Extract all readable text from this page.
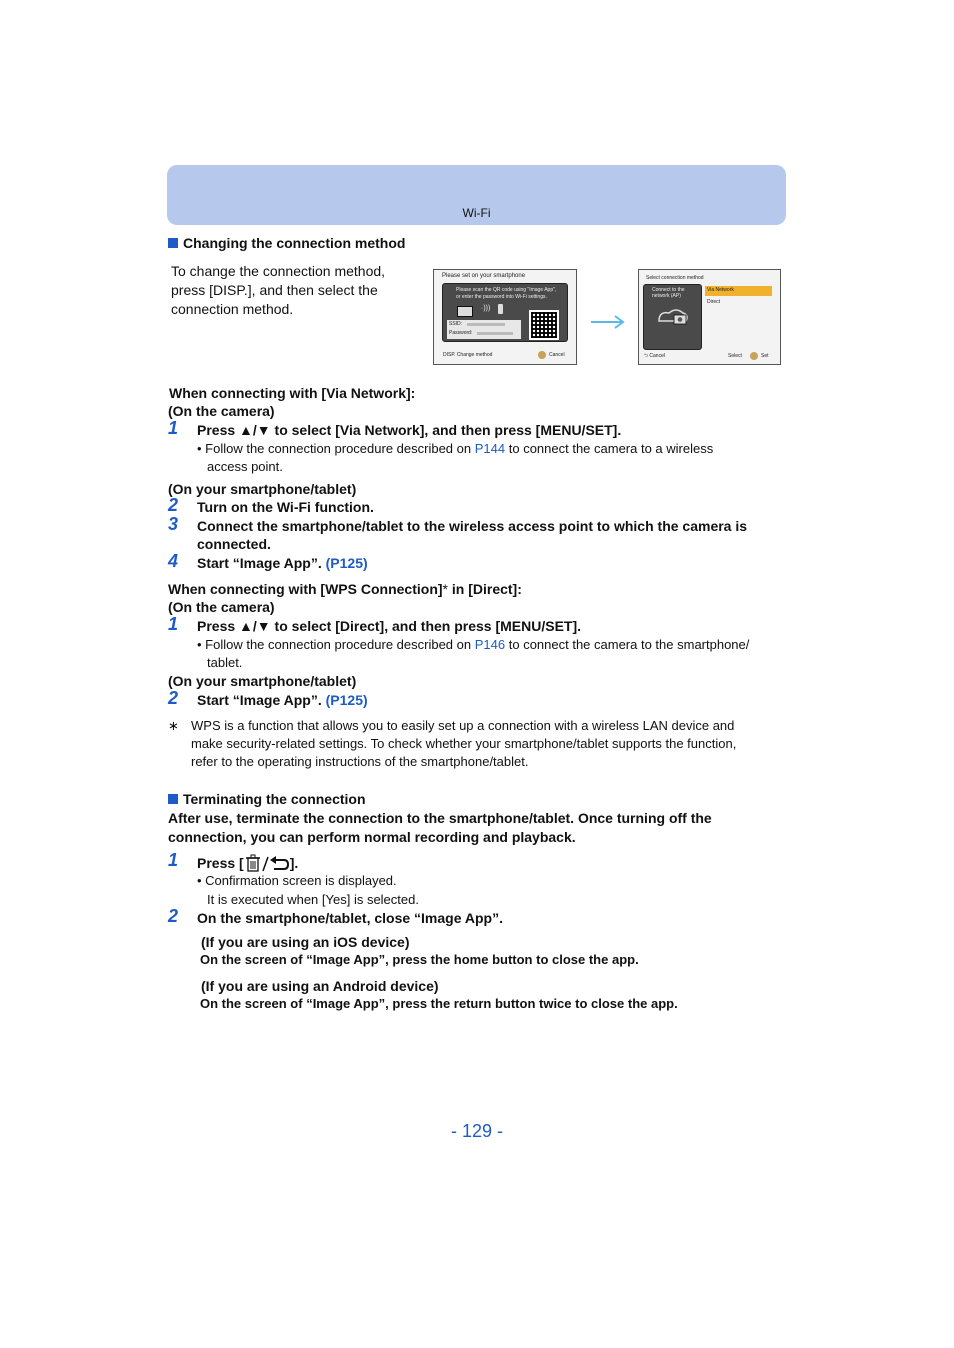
Wi-Fi
Changing the connection method
To change the connection method,
press [DISP.], and then select the
connection method.
Please set on your smartphone
Please scan the QR code using "Image App",
or enter the password into Wi-Fi settings.
·)))
SSID:
Password:
DISP. Change method	Cancel
Select connection method
Connect to the
network (AP)
Via Network
Direct
⮌ Cancel	Select	Set
When connecting with [Via Network]:
(On the camera)
1 Press ▲/▼ to select [Via Network], and then press [MENU/SET].
• Follow the connection procedure described on P144 to connect the camera to a wireless
access point.
(On your smartphone/tablet)
2 Turn on the Wi-Fi function.
3 Connect the smartphone/tablet to the wireless access point to which the camera is
connected.
4 Start “Image App”. (P125)
When connecting with [WPS Connection]* in [Direct]:
(On the camera)
1 Press ▲/▼ to select [Direct], and then press [MENU/SET].
• Follow the connection procedure described on P146 to connect the camera to the smartphone/
tablet.
(On your smartphone/tablet)
2 Start “Image App”. (P125)
∗ WPS is a function that allows you to easily set up a connection with a wireless LAN device and
make security-related settings. To check whether your smartphone/tablet supports the function,
refer to the operating instructions of the smartphone/tablet.
Terminating the connection
After use, terminate the connection to the smartphone/tablet. Once turning off the
connection, you can perform normal recording and playback.
1 Press [	].
• Confirmation screen is displayed.
It is executed when [Yes] is selected.
2 On the smartphone/tablet, close “Image App”.
(If you are using an iOS device)
On the screen of “Image App”, press the home button to close the app.
(If you are using an Android device)
On the screen of “Image App”, press the return button twice to close the app.
- 129 -
